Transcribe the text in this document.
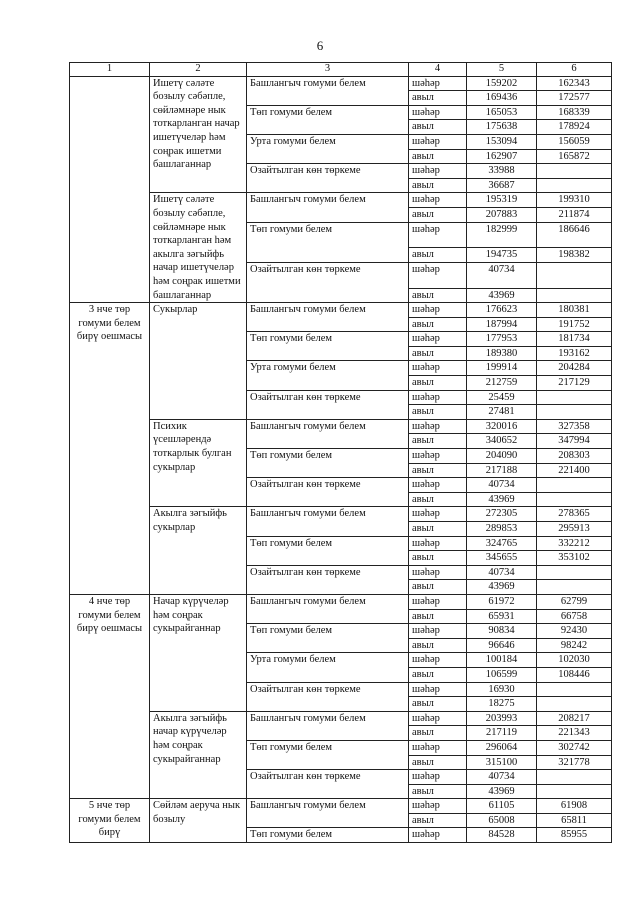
6
1	2	3	4	5	6
	Ишетү сәләте бозылу сәбәпле, сөйләмнәре нык тоткарланган начар ишетүчеләр һәм соңрак ишетми башлаганнар	Башлангыч гомуми белем	шәһәр	159202	162343
			авыл	169436	172577
		Төп гомуми белем	шәһәр	165053	168339
			авыл	175638	178924
		Урта гомуми белем	шәһәр	153094	156059
			авыл	162907	165872
		Озайтылган көн төркеме	шәһәр	33988	
			авыл	36687	
	Ишетү сәләте бозылу сәбәпле, сөйләмнәре нык тоткарланган һәм акылга зәгыйфь начар ишетүчеләр һәм соңрак ишетми башлаганнар	Башлангыч гомуми белем	шәһәр	195319	199310
			авыл	207883	211874
		Төп гомуми белем	шәһәр	182999	186646
			авыл	194735	198382
		Озайтылган көн төркеме	шәһәр	40734	
			авыл	43969	
3 нче төр гомуми белем бирү оешмасы	Сукырлар	Башлангыч гомуми белем	шәһәр	176623	180381
			авыл	187994	191752
		Төп гомуми белем	шәһәр	177953	181734
			авыл	189380	193162
		Урта гомуми белем	шәһәр	199914	204284
			авыл	212759	217129
		Озайтылган көн төркеме	шәһәр	25459	
			авыл	27481	
	Психик үсешләрендә тоткарлык булган сукырлар	Башлангыч гомуми белем	шәһәр	320016	327358
			авыл	340652	347994
		Төп гомуми белем	шәһәр	204090	208303
			авыл	217188	221400
		Озайтылган көн төркеме	шәһәр	40734	
			авыл	43969	
	Акылга зәгыйфь сукырлар	Башлангыч гомуми белем	шәһәр	272305	278365
			авыл	289853	295913
		Төп гомуми белем	шәһәр	324765	332212
			авыл	345655	353102
		Озайтылган көн төркеме	шәһәр	40734	
			авыл	43969	
4 нче төр гомуми белем бирү оешмасы	Начар күрүчеләр һәм соңрак сукырайганнар	Башлангыч гомуми белем	шәһәр	61972	62799
			авыл	65931	66758
		Төп гомуми белем	шәһәр	90834	92430
			авыл	96646	98242
		Урта гомуми белем	шәһәр	100184	102030
			авыл	106599	108446
		Озайтылган көн төркеме	шәһәр	16930	
			авыл	18275	
	Акылга зәгыйфь начар күрүчеләр һәм соңрак сукырайганнар	Башлангыч гомуми белем	шәһәр	203993	208217
			авыл	217119	221343
		Төп гомуми белем	шәһәр	296064	302742
			авыл	315100	321778
		Озайтылган көн төркеме	шәһәр	40734	
			авыл	43969	
5 нче төр гомуми белем бирү	Сөйләм аеруча нык бозылу	Башлангыч гомуми белем	шәһәр	61105	61908
			авыл	65008	65811
		Төп гомуми белем	шәһәр	84528	85955
